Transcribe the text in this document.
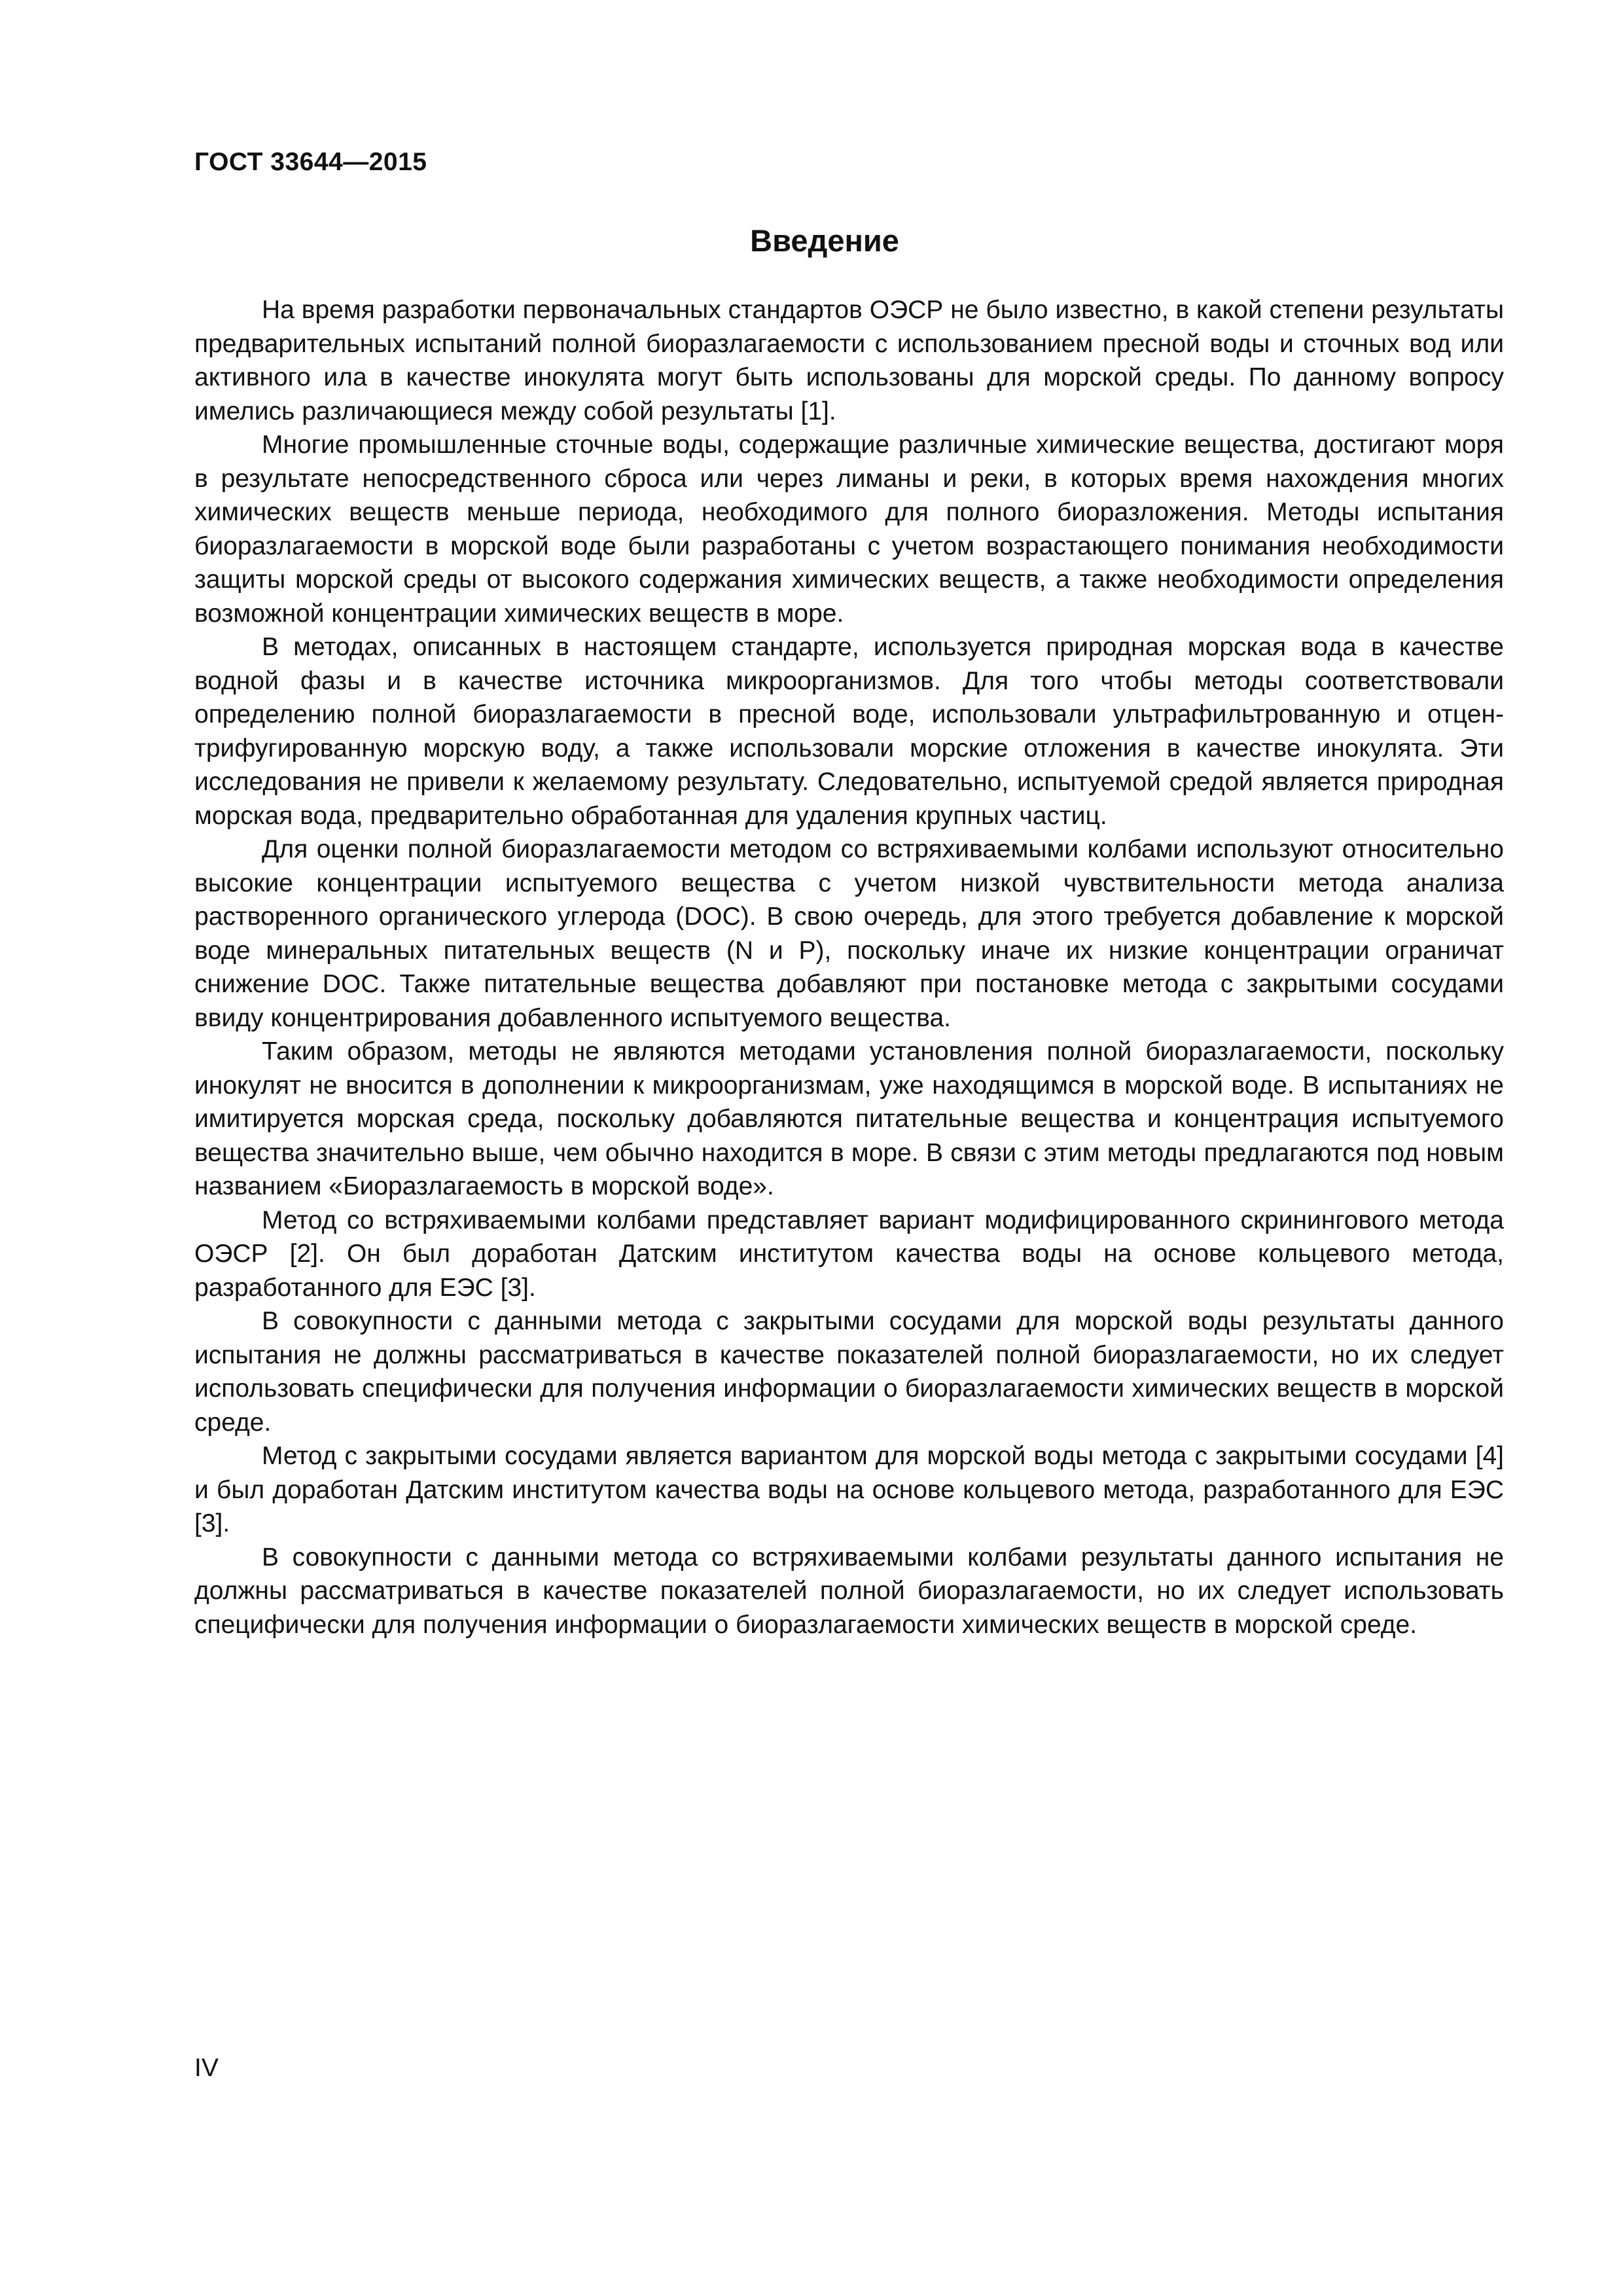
ГОСТ 33644—2015
Введение

На время разработки первоначальных стандартов ОЭСР не было известно, в какой степени результаты предварительных испытаний полной биоразлагаемости с использованием пресной воды и сточных вод или активного ила в качестве инокулята могут быть использованы для морской среды. По данному вопросу имелись различающиеся между собой результаты [1].

Многие промышленные сточные воды, содержащие различные химические вещества, достигают моря в результате непосредственного сброса или через лиманы и реки, в которых время нахождения многих химических веществ меньше периода, необходимого для полного биоразложения. Методы испытания биоразлагаемости в морской воде были разработаны с учетом возрастающего понимания необходимости защиты морской среды от высокого содержания химических веществ, а также необходимости определения возможной концентрации химических веществ в море.

В методах, описанных в настоящем стандарте, используется природная морская вода в качестве водной фазы и в качестве источника микроорганизмов. Для того чтобы методы соответствовали определению полной биоразлагаемости в пресной воде, использовали ультрафильтрованную и отцентрифугированную морскую воду, а также использовали морские отложения в качестве инокулята. Эти исследования не привели к желаемому результату. Следовательно, испытуемой средой является природная морская вода, предварительно обработанная для удаления крупных частиц.

Для оценки полной биоразлагаемости методом со встряхиваемыми колбами используют относительно высокие концентрации испытуемого вещества с учетом низкой чувствительности метода анализа растворенного органического углерода (DOC). В свою очередь, для этого требуется добавление к морской воде минеральных питательных веществ (N и P), поскольку иначе их низкие концентрации ограничат снижение DOC. Также питательные вещества добавляют при постановке метода с закрытыми сосудами ввиду концентрирования добавленного испытуемого вещества.

Таким образом, методы не являются методами установления полной биоразлагаемости, поскольку инокулят не вносится в дополнении к микроорганизмам, уже находящимся в морской воде. В испытаниях не имитируется морская среда, поскольку добавляются питательные вещества и концентрация испытуемого вещества значительно выше, чем обычно находится в море. В связи с этим методы предлагаются под новым названием «Биоразлагаемость в морской воде».

Метод со встряхиваемыми колбами представляет вариант модифицированного скринингового метода ОЭСР [2]. Он был доработан Датским институтом качества воды на основе кольцевого метода, разработанного для ЕЭС [3].

В совокупности с данными метода с закрытыми сосудами для морской воды результаты данного испытания не должны рассматриваться в качестве показателей полной биоразлагаемости, но их следует использовать специфически для получения информации о биоразлагаемости химических веществ в морской среде.

Метод с закрытыми сосудами является вариантом для морской воды метода с закрытыми сосудами [4] и был доработан Датским институтом качества воды на основе кольцевого метода, разработанного для ЕЭС [3].

В совокупности с данными метода со встряхиваемыми колбами результаты данного испытания не должны рассматриваться в качестве показателей полной биоразлагаемости, но их следует использовать специфически для получения информации о биоразлагаемости химических веществ в морской среде.

IV
